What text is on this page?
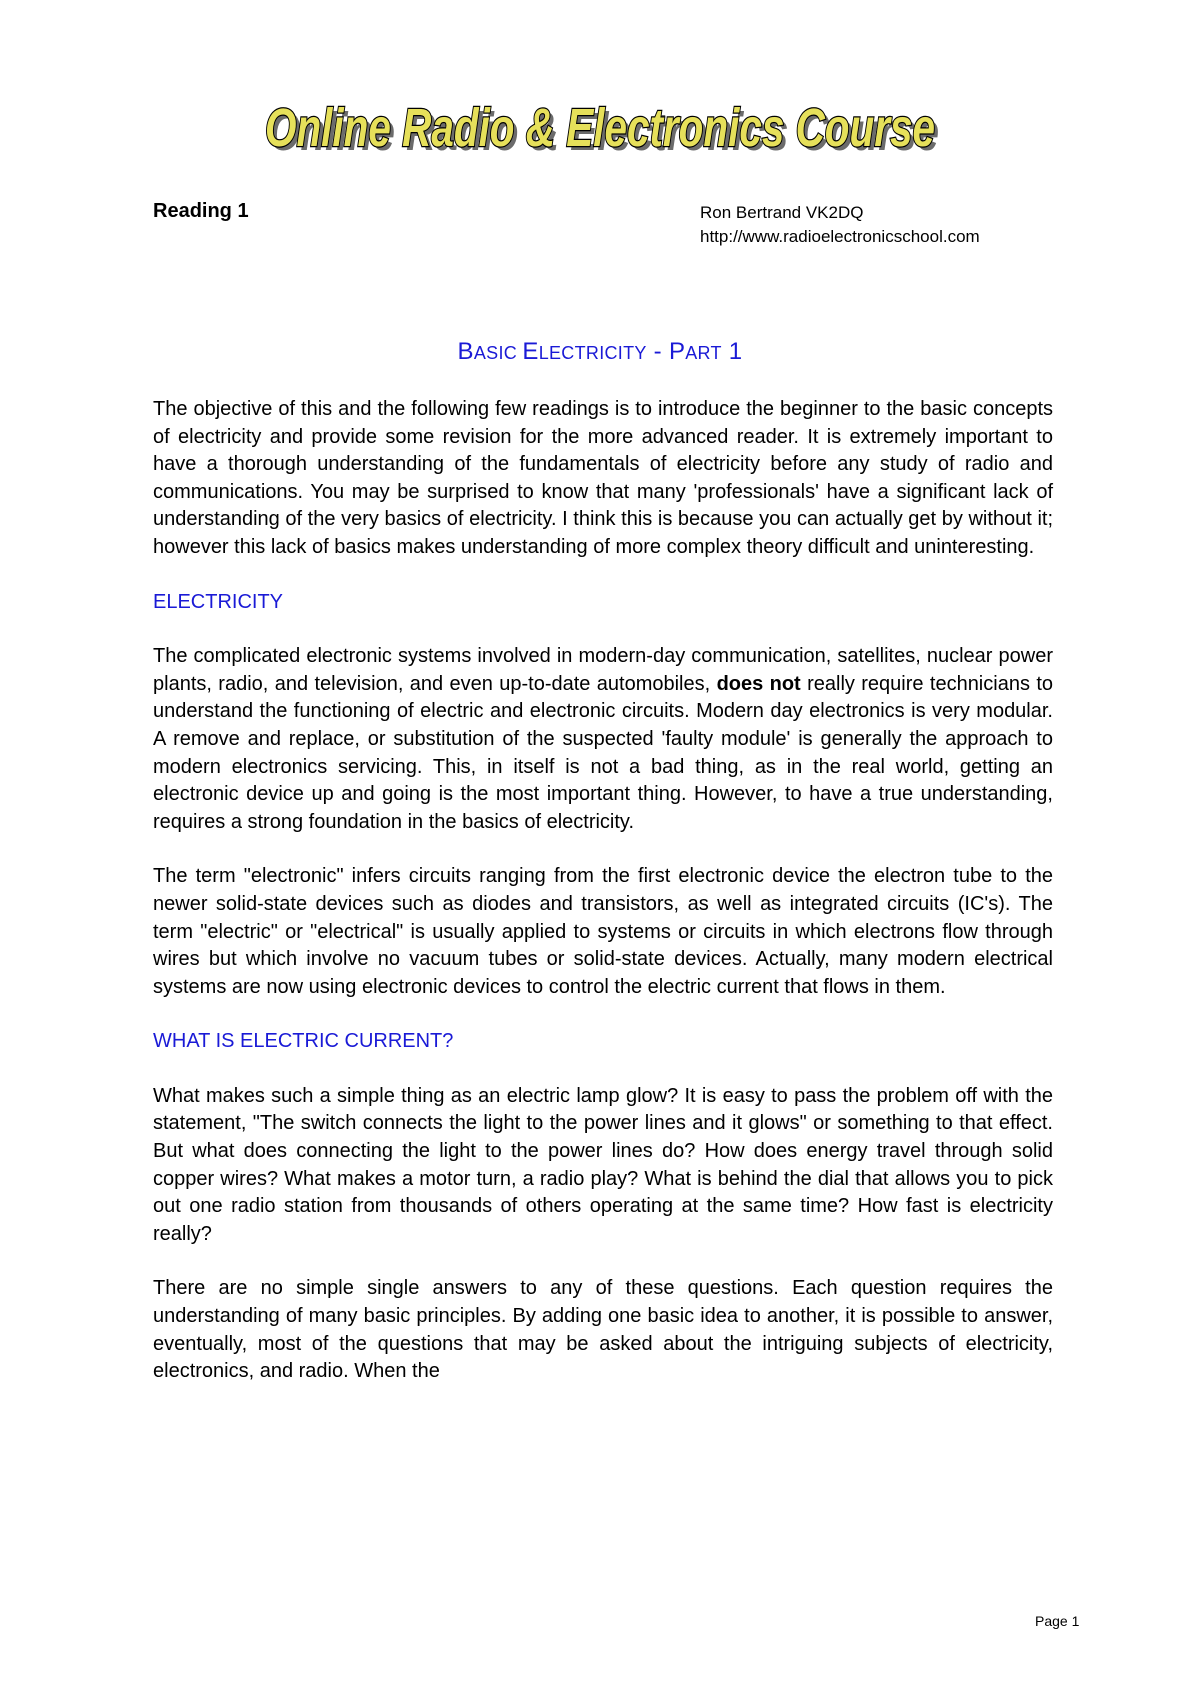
Online Radio & Electronics Course
Online Radio & Electronics Course
Reading 1	Ron Bertrand VK2DQ
http://www.radioelectronicschool.com
BASIC ELECTRICITY - PART 1

The objective of this and the following few readings is to introduce the beginner to the basic concepts of electricity and provide some revision for the more advanced reader. It is extremely important to have a thorough understanding of the fundamentals of electricity before any study of radio and communications. You may be surprised to know that many 'professionals' have a significant lack of understanding of the very basics of electricity. I think this is because you can actually get by without it; however this lack of basics makes understanding of more complex theory difficult and uninteresting.

ELECTRICITY

The complicated electronic systems involved in modern-day communication, satellites, nuclear power plants, radio, and television, and even up-to-date automobiles, does not really require technicians to understand the functioning of electric and electronic circuits. Modern day electronics is very modular. A remove and replace, or substitution of the suspected 'faulty module' is generally the approach to modern electronics servicing. This, in itself is not a bad thing, as in the real world, getting an electronic device up and going is the most important thing. However, to have a true understanding, requires a strong foundation in the basics of electricity.

The term "electronic" infers circuits ranging from the first electronic device the electron tube to the newer solid-state devices such as diodes and transistors, as well as integrated circuits (IC's). The term "electric" or "electrical" is usually applied to systems or circuits in which electrons flow through wires but which involve no vacuum tubes or solid-state devices. Actually, many modern electrical systems are now using electronic devices to control the electric current that flows in them.

WHAT IS ELECTRIC CURRENT?

What makes such a simple thing as an electric lamp glow? It is easy to pass the problem off with the statement, "The switch connects the light to the power lines and it glows" or something to that effect. But what does connecting the light to the power lines do? How does energy travel through solid copper wires? What makes a motor turn, a radio play? What is behind the dial that allows you to pick out one radio station from thousands of others operating at the same time? How fast is electricity really?

There are no simple single answers to any of these questions. Each question requires the understanding of many basic principles. By adding one basic idea to another, it is possible to answer, eventually, most of the questions that may be asked about the intriguing subjects of electricity, electronics, and radio. When the

Page 1
